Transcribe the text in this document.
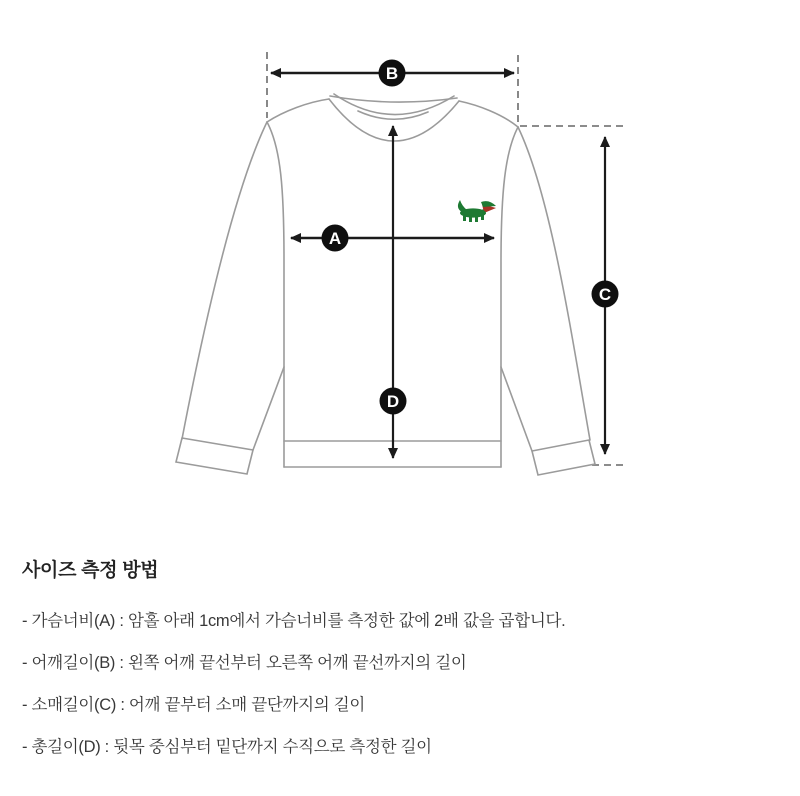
B
A
C
D
사이즈 측정 방법
- 가슴너비(A) : 암홀 아래 1cm에서 가슴너비를 측정한 값에 2배 값을 곱합니다.
- 어깨길이(B) : 왼쪽 어깨 끝선부터 오른쪽 어깨 끝선까지의 길이
- 소매길이(C) : 어깨 끝부터 소매 끝단까지의 길이
- 총길이(D) : 뒷목 중심부터 밑단까지 수직으로 측정한 길이
